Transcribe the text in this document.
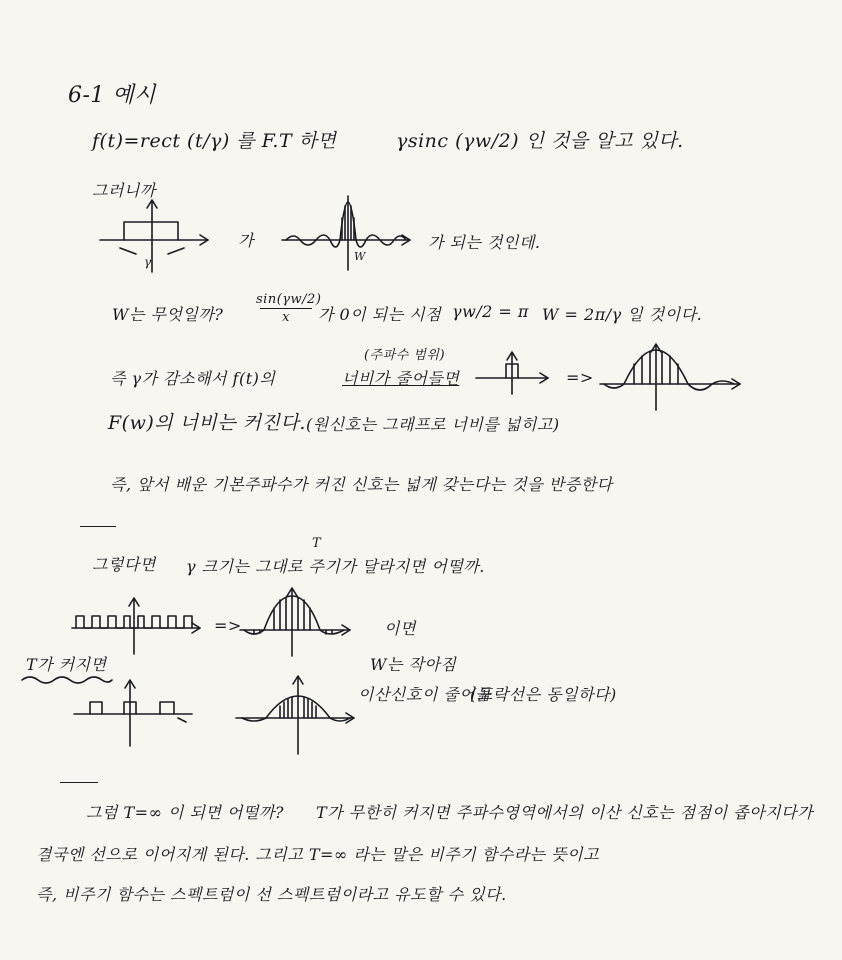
6-1 예시
f(t)=rect (t/γ) 를 F.T 하면	γsinc (γw/2) 인 것을 알고 있다.
그러니까
γ
가
W
가 되는 것인데.
W는 무엇일까?
sin(γw/2)
x	가 0이 되는 시점 γw/2 = π W = 2π/γ 일 것이다.
(주파수 범위)
즉 γ가 감소해서 f(t)의	너비가 줄어들면	=>
F(w)의 너비는 커진다. (원신호는 그래프로 너비를 넓히고)
즉, 앞서 배운 기본주파수가 커진 신호는 넓게 갖는다는 것을 반증한다
T
그렇다면 γ 크기는 그대로 주기가 달라지면 어떨까.
=>	이면
T가 커지면	W는 작아짐
이산신호이 줄어듦
(포락선은 동일하다)
그럼 T=∞ 이 되면 어떨까? T가 무한히 커지면 주파수영역에서의 이산 신호는 점점이 좁아지다가
결국엔 선으로 이어지게 된다. 그리고 T=∞ 라는 말은 비주기 함수라는 뜻이고
즉, 비주기 함수는 스펙트럼이 선 스펙트럼이라고 유도할 수 있다.
